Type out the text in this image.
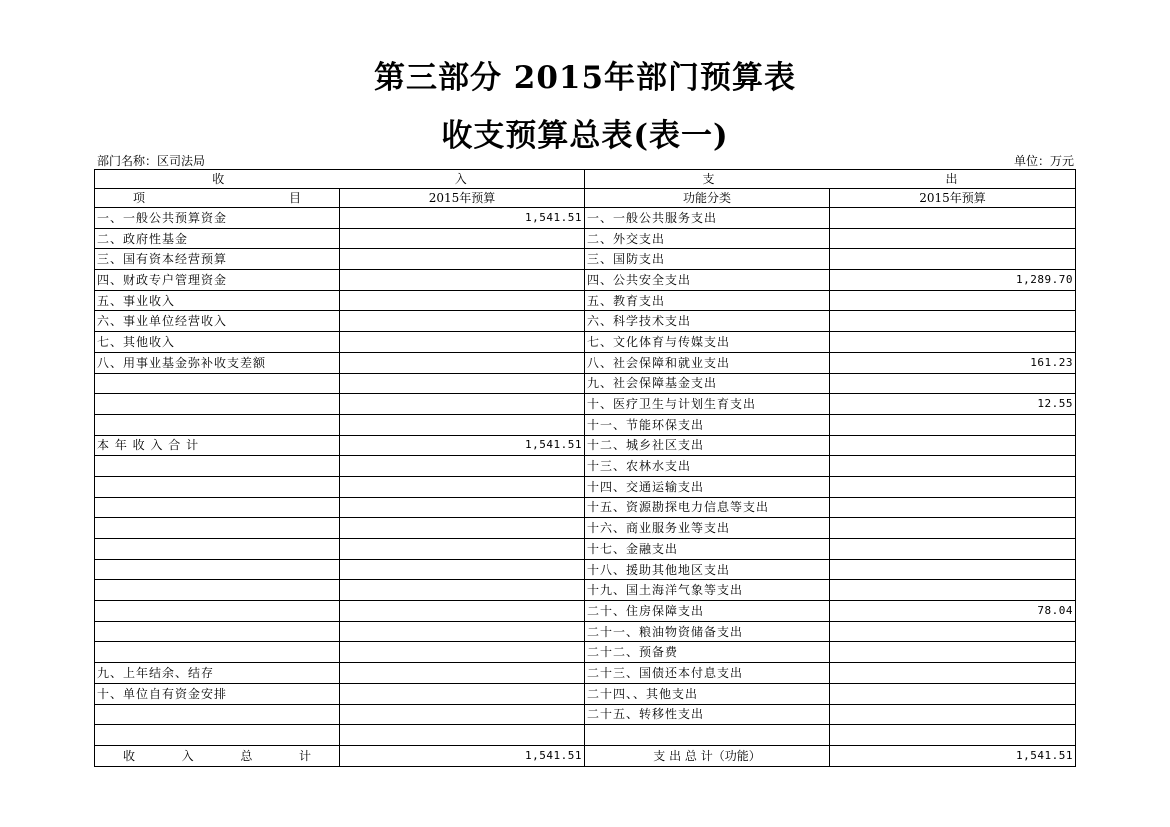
第三部分 2015年部门预算表
收支预算总表(表一)
部门名称：区司法局	单位：万元
收 入		支 出	

项 目	2015年预算	功能分类	2015年预算
一、一般公共预算资金	1,541.51	一、一般公共服务支出	
二、政府性基金		二、外交支出	
三、国有资本经营预算		三、国防支出	
四、财政专户管理资金		四、公共安全支出	1,289.70
五、事业收入		五、教育支出	
六、事业单位经营收入		六、科学技术支出	
七、其他收入		七、文化体育与传媒支出	
八、用事业基金弥补收支差额		八、社会保障和就业支出	161.23
		九、社会保障基金支出	
		十、医疗卫生与计划生育支出	12.55
		十一、节能环保支出	
本 年 收 入 合 计	1,541.51	十二、城乡社区支出	
		十三、农林水支出	
		十四、交通运输支出	
		十五、资源勘探电力信息等支出	
		十六、商业服务业等支出	
		十七、金融支出	
		十八、援助其他地区支出	
		十九、国土海洋气象等支出	
		二十、住房保障支出	78.04
		二十一、粮油物资储备支出	
		二十二、预备费	
九、上年结余、结存		二十三、国债还本付息支出	
十、单位自有资金安排		二十四、、其他支出	
		二十五、转移性支出	

收 入 总 计	1,541.51	支 出 总 计（功能）	1,541.51
